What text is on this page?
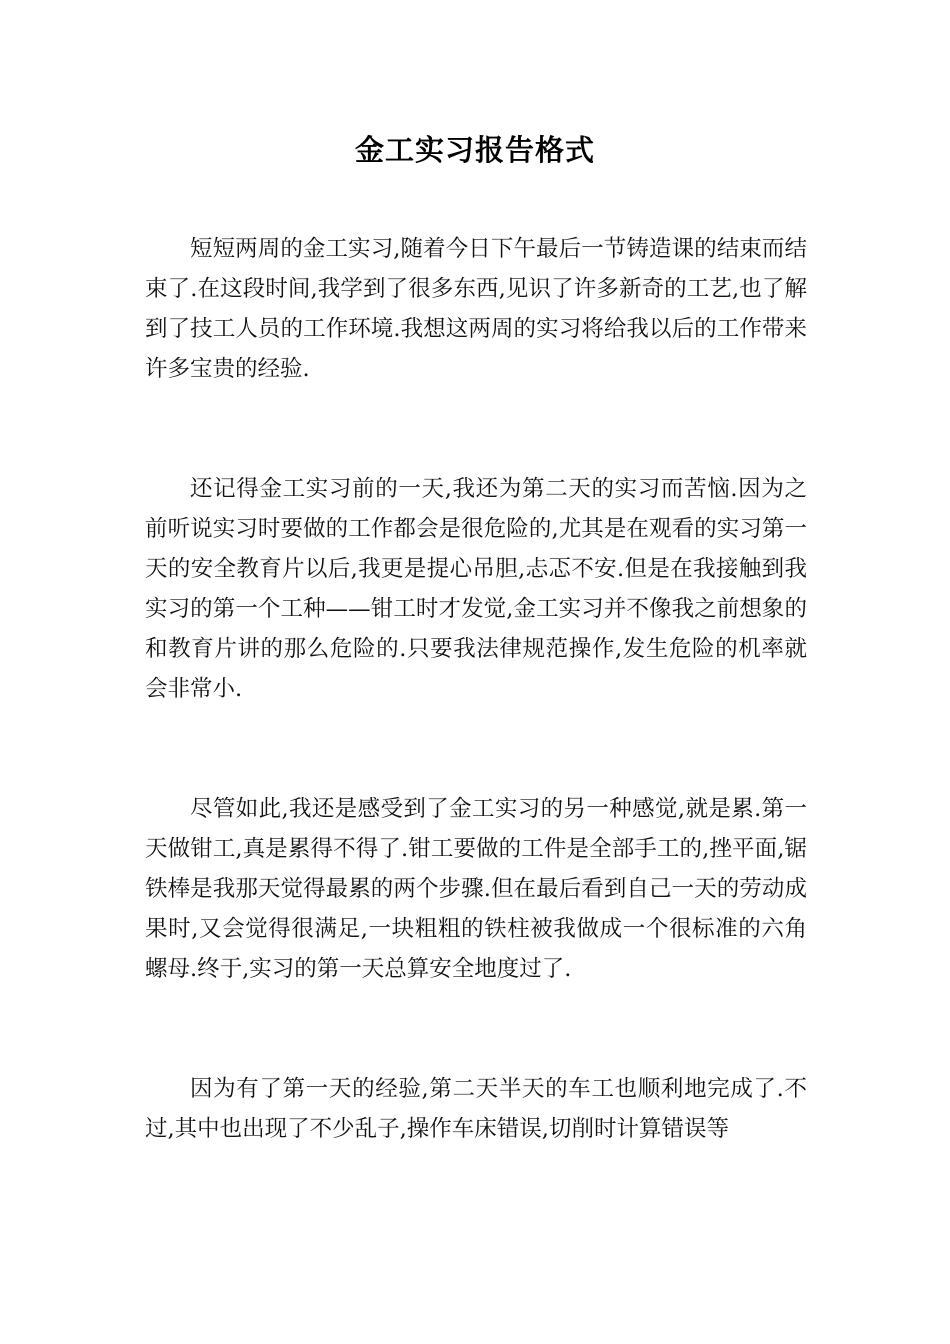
金工实习报告格式

短短两周的金工实习,随着今日下午最后一节铸造课的结束而结束了.在这段时间,我学到了很多东西,见识了许多新奇的工艺,也了解到了技工人员的工作环境.我想这两周的实习将给我以后的工作带来许多宝贵的经验.

还记得金工实习前的一天,我还为第二天的实习而苦恼.因为之前听说实习时要做的工作都会是很危险的,尤其是在观看的实习第一天的安全教育片以后,我更是提心吊胆,忐忑不安.但是在我接触到我实习的第一个工种——钳工时才发觉,金工实习并不像我之前想象的和教育片讲的那么危险的.只要我法律规范操作,发生危险的机率就会非常小.

尽管如此,我还是感受到了金工实习的另一种感觉,就是累.第一天做钳工,真是累得不得了.钳工要做的工件是全部手工的,挫平面,锯铁棒是我那天觉得最累的两个步骤.但在最后看到自己一天的劳动成果时,又会觉得很满足,一块粗粗的铁柱被我做成一个很标准的六角螺母.终于,实习的第一天总算安全地度过了.

因为有了第一天的经验,第二天半天的车工也顺利地完成了.不过,其中也出现了不少乱子,操作车床错误,切削时计算错误等
